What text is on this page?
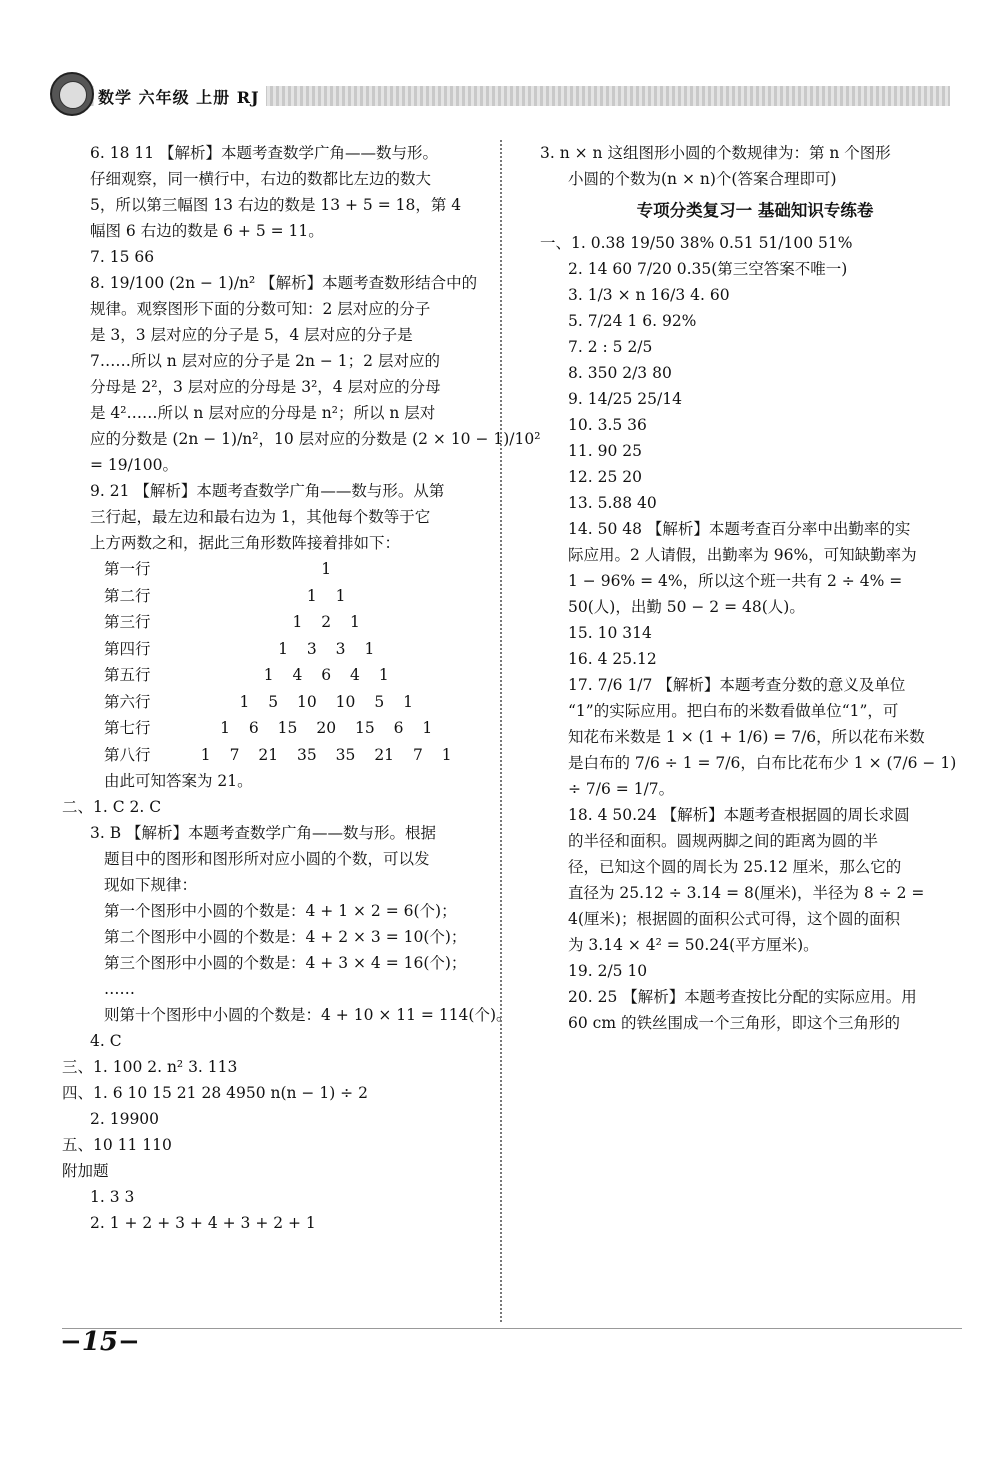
数学 六年级 上册 RJ
6. 18 11 【解析】本题考查数学广角——数与形。
仔细观察，同一横行中，右边的数都比左边的数大
5，所以第三幅图 13 右边的数是 13 + 5 = 18，第 4
幅图 6 右边的数是 6 + 5 = 11。
7. 15 66
8. 19/100 (2n − 1)/n² 【解析】本题考查数形结合中的
规律。观察图形下面的分数可知：2 层对应的分子
是 3，3 层对应的分子是 5，4 层对应的分子是
7……所以 n 层对应的分子是 2n − 1；2 层对应的
分母是 2²，3 层对应的分母是 3²，4 层对应的分母
是 4²……所以 n 层对应的分母是 n²；所以 n 层对
应的分数是 (2n − 1)/n²，10 层对应的分数是 (2 × 10 − 1)/10²
= 19/100。
9. 21 【解析】本题考查数学广角——数与形。从第
三行起，最左边和最右边为 1，其他每个数等于它
上方两数之和，据此三角形数阵接着排如下：
第一行	1
第二行	1 1
第三行	1 2 1
第四行	1 3 3 1
第五行	1 4 6 4 1
第六行	1 5 10 10 5 1
第七行	1 6 15 20 15 6 1
第八行	1 7 21 35 35 21 7 1
由此可知答案为 21。
二、1. C 2. C
3. B 【解析】本题考查数学广角——数与形。根据
题目中的图形和图形所对应小圆的个数，可以发
现如下规律：
第一个图形中小圆的个数是：4 + 1 × 2 = 6(个)；
第二个图形中小圆的个数是：4 + 2 × 3 = 10(个)；
第三个图形中小圆的个数是：4 + 3 × 4 = 16(个)；
……
则第十个图形中小圆的个数是：4 + 10 × 11 = 114(个)。
4. C
三、1. 100 2. n² 3. 113
四、1. 6 10 15 21 28 4950 n(n − 1) ÷ 2
2. 19900
五、10 11 110
附加题
1. 3 3
2. 1 + 2 + 3 + 4 + 3 + 2 + 1
3. n × n 这组图形小圆的个数规律为：第 n 个图形
小圆的个数为(n × n)个(答案合理即可)
专项分类复习一 基础知识专练卷
一、1. 0.38 19/50 38% 0.51 51/100 51%
2. 14 60 7/20 0.35(第三空答案不唯一)
3. 1/3 × n 16/3 4. 60
5. 7/24 1 6. 92%
7. 2 : 5 2/5
8. 350 2/3 80
9. 14/25 25/14
10. 3.5 36
11. 90 25
12. 25 20
13. 5.88 40
14. 50 48 【解析】本题考查百分率中出勤率的实
际应用。2 人请假，出勤率为 96%，可知缺勤率为
1 − 96% = 4%，所以这个班一共有 2 ÷ 4% =
50(人)，出勤 50 − 2 = 48(人)。
15. 10 314
16. 4 25.12
17. 7/6 1/7 【解析】本题考查分数的意义及单位
“1”的实际应用。把白布的米数看做单位“1”，可
知花布米数是 1 × (1 + 1/6) = 7/6，所以花布米数
是白布的 7/6 ÷ 1 = 7/6，白布比花布少 1 × (7/6 − 1)
÷ 7/6 = 1/7。
18. 4 50.24 【解析】本题考查根据圆的周长求圆
的半径和面积。圆规两脚之间的距离为圆的半
径，已知这个圆的周长为 25.12 厘米，那么它的
直径为 25.12 ÷ 3.14 = 8(厘米)，半径为 8 ÷ 2 =
4(厘米)；根据圆的面积公式可得，这个圆的面积
为 3.14 × 4² = 50.24(平方厘米)。
19. 2/5 10
20. 25 【解析】本题考查按比分配的实际应用。用
60 cm 的铁丝围成一个三角形，即这个三角形的
−15−
